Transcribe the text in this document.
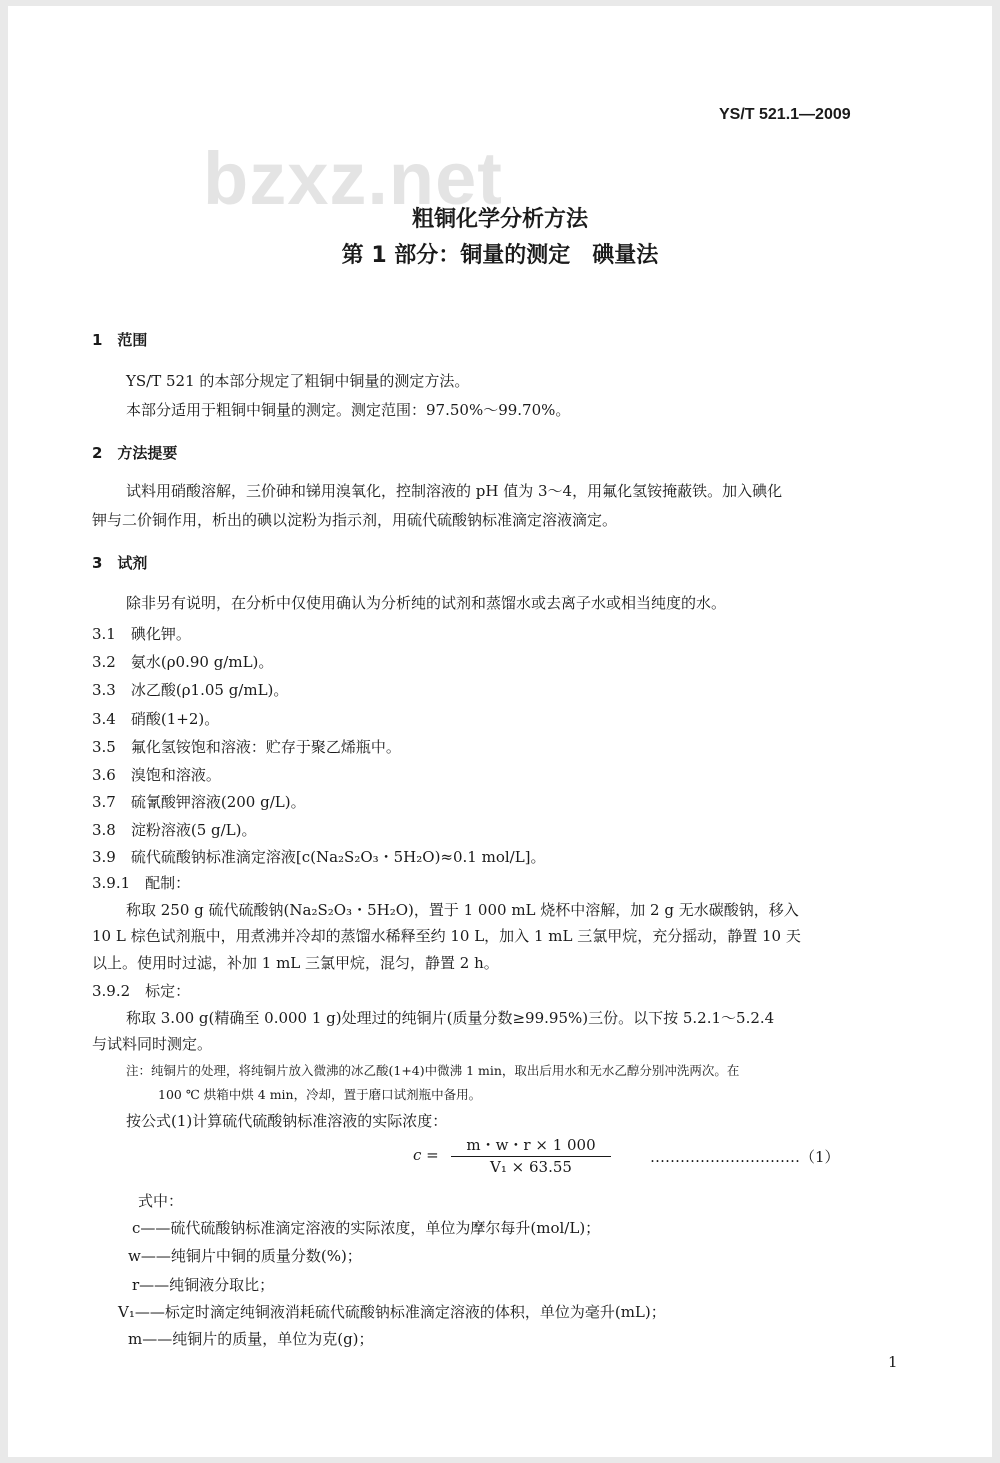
YS/T 521.1—2009
bzxz.net
粗铜化学分析方法
第 1 部分：铜量的测定　碘量法
1　范围
YS/T 521 的本部分规定了粗铜中铜量的测定方法。
本部分适用于粗铜中铜量的测定。测定范围：97.50%～99.70%。
2　方法提要
试料用硝酸溶解，三价砷和锑用溴氧化，控制溶液的 pH 值为 3～4，用氟化氢铵掩蔽铁。加入碘化
钾与二价铜作用，析出的碘以淀粉为指示剂，用硫代硫酸钠标准滴定溶液滴定。
3　试剂
除非另有说明，在分析中仅使用确认为分析纯的试剂和蒸馏水或去离子水或相当纯度的水。
3.1　碘化钾。
3.2　氨水(ρ0.90 g/mL)。
3.3　冰乙酸(ρ1.05 g/mL)。
3.4　硝酸(1+2)。
3.5　氟化氢铵饱和溶液：贮存于聚乙烯瓶中。
3.6　溴饱和溶液。
3.7　硫氰酸钾溶液(200 g/L)。
3.8　淀粉溶液(5 g/L)。
3.9　硫代硫酸钠标准滴定溶液[c(Na₂S₂O₃・5H₂O)≈0.1 mol/L]。
3.9.1　配制：
称取 250 g 硫代硫酸钠(Na₂S₂O₃・5H₂O)，置于 1 000 mL 烧杯中溶解，加 2 g 无水碳酸钠，移入
10 L 棕色试剂瓶中，用煮沸并冷却的蒸馏水稀释至约 10 L，加入 1 mL 三氯甲烷，充分摇动，静置 10 天
以上。使用时过滤，补加 1 mL 三氯甲烷，混匀，静置 2 h。
3.9.2　标定：
称取 3.00 g(精确至 0.000 1 g)处理过的纯铜片(质量分数≥99.95%)三份。以下按 5.2.1～5.2.4
与试料同时测定。
注：纯铜片的处理，将纯铜片放入微沸的冰乙酸(1+4)中微沸 1 min，取出后用水和无水乙醇分别冲洗两次。在
100 ℃ 烘箱中烘 4 min，冷却，置于磨口试剂瓶中备用。
按公式(1)计算硫代硫酸钠标准溶液的实际浓度：
c =
m・w・r × 1 000
V₁ × 63.55
…………………………（1）
式中：
c——硫代硫酸钠标准滴定溶液的实际浓度，单位为摩尔每升(mol/L)；
w——纯铜片中铜的质量分数(%)；
r——纯铜液分取比；
V₁——标定时滴定纯铜液消耗硫代硫酸钠标准滴定溶液的体积，单位为毫升(mL)；
m——纯铜片的质量，单位为克(g)；
1
